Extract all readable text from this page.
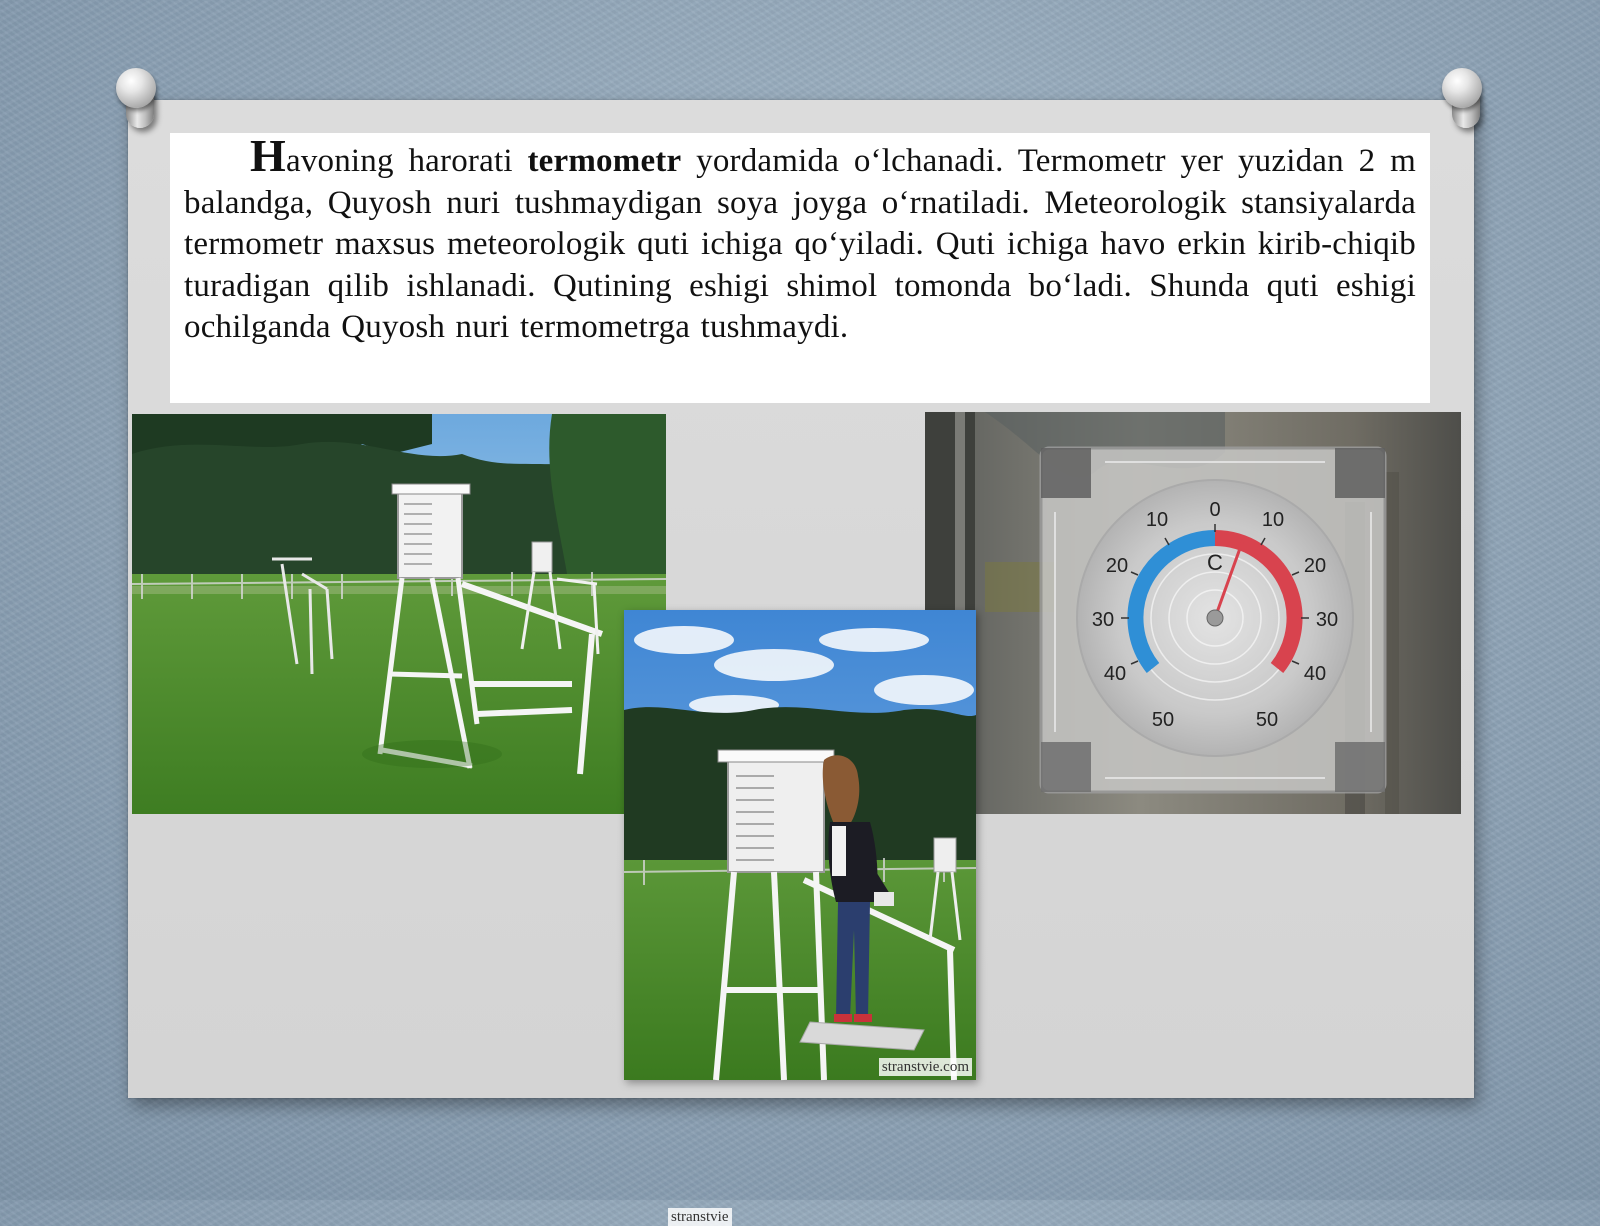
Havoning harorati termometr yordamida o‘lchanadi. Termometr yer yuzidan 2 m balandga, Quyosh nuri tushmaydigan soya joyga o‘rnatiladi. Meteorologik stansiyalarda termometr maxsus meteorologik quti ichiga qo‘yiladi. Quti ichiga havo erkin kirib-chiqib turadigan qilib ishlanadi. Qutining eshigi shimol tomonda bo‘ladi. Shunda quti eshigi ochilganda Quyosh nuri termometrga tushmaydi.

stranstvie
0
10	10
20	20
30	30
40	40
50	50
C
stranstvie.com
